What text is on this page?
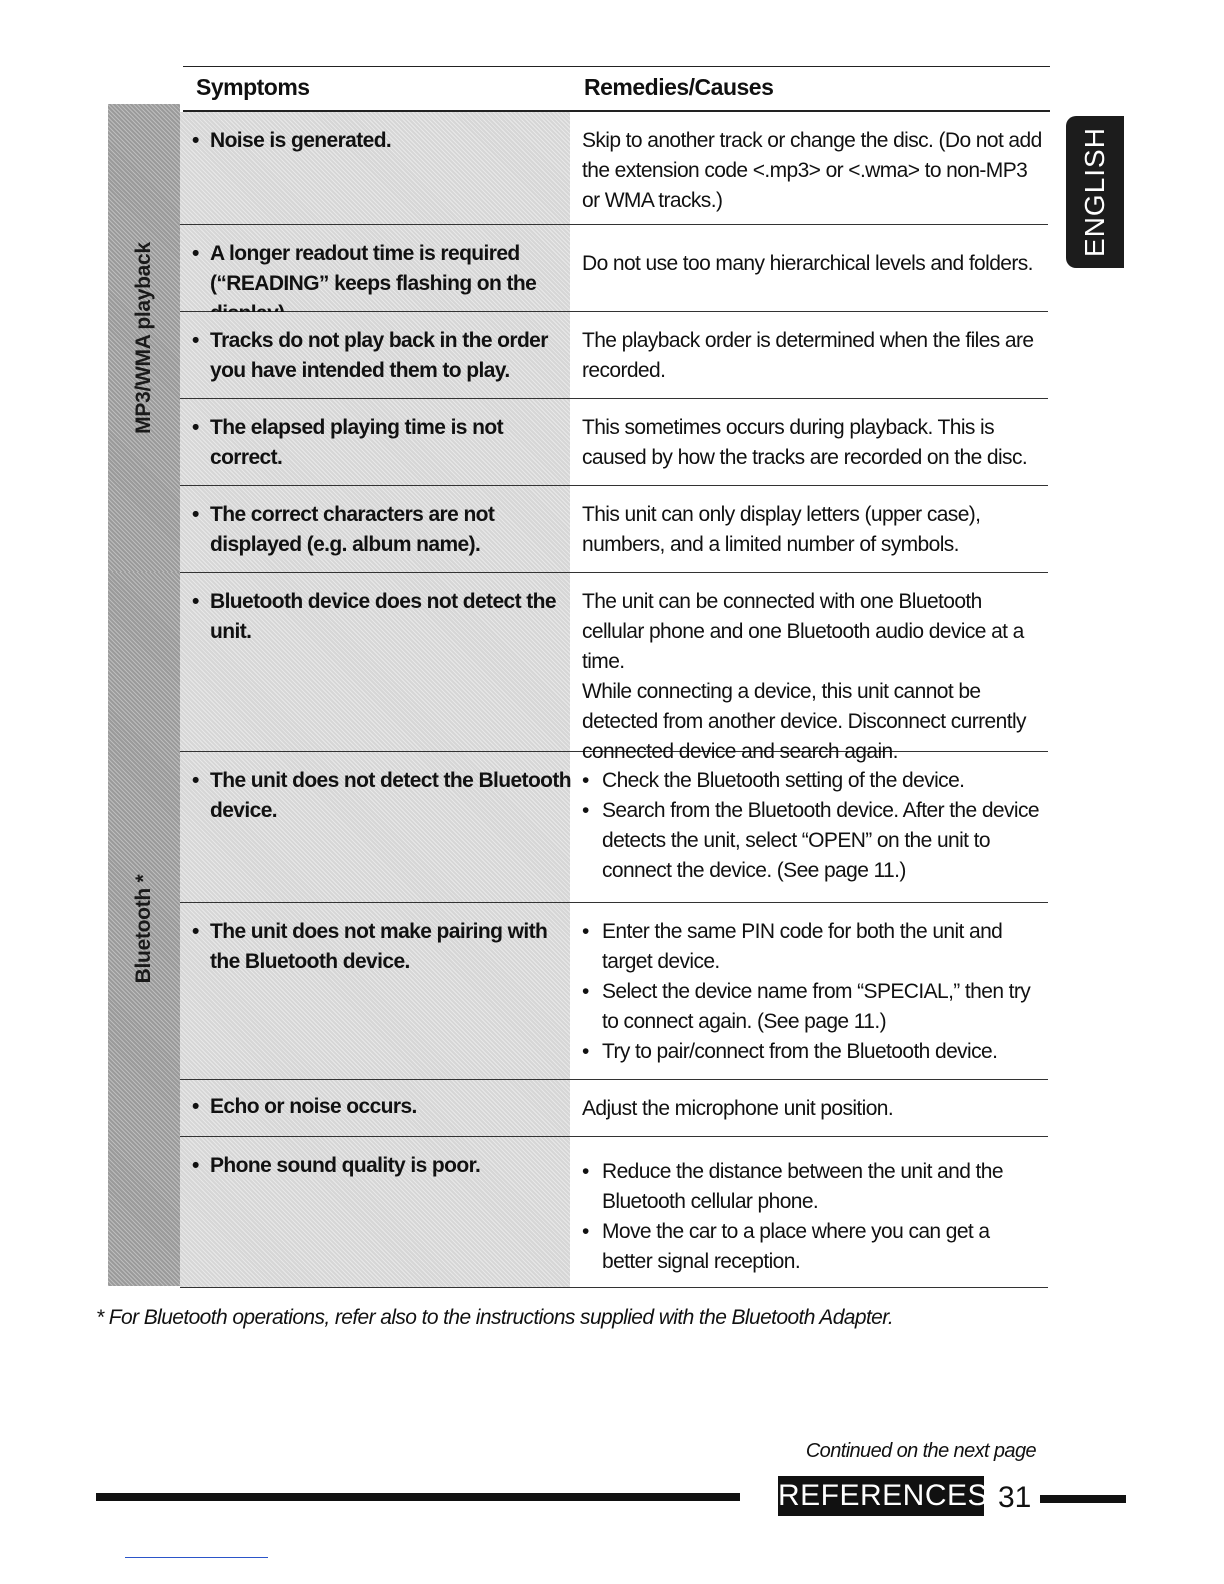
Symptoms	Remedies/Causes
MP3/WMA playback
Bluetooth *
• Noise is generated.	Skip to another track or change the disc. (Do not add the extension code <.mp3> or <.wma> to non-MP3 or WMA tracks.)

• A longer readout time is required (“READING” keeps flashing on the

Do not use too many hierarchical levels and folders.

• Tracks do not play back in the order you have intended them to play.

The playback order is determined when the files are recorded.

• The elapsed playing time is not correct.

This sometimes occurs during playback. This is caused by how the tracks are recorded on the disc.

• The correct characters are not displayed (e.g. album name).

This unit can only display letters (upper case), numbers, and a limited number of symbols.

• Bluetooth device does not detect the unit.

The unit can be connected with one Bluetooth cellular phone and one Bluetooth audio device at a time.

While connecting a device, this unit cannot be detected from another device. Disconnect currently connected device and search again.

• The unit does not detect the Bluetooth device.
• Check the Bluetooth setting of the device.
• Search from the Bluetooth device. After the device detects the unit, select “OPEN” on the unit to connect the device. (See page 11.)
• The unit does not make pairing with the Bluetooth device.
• Enter the same PIN code for both the unit and target device.
• Select the device name from “SPECIAL,” then try to connect again. (See page 11.)
• Try to pair/connect from the Bluetooth device.
• Echo or noise occurs.	Adjust the microphone unit position.

• Phone sound quality is poor.
•	Reduce the distance between the unit and the Bluetooth cellular phone.
• Move the car to a place where you can get a better signal reception.
ENGLISH
* For Bluetooth operations, refer also to the instructions supplied with the Bluetooth Adapter.
Continued on the next page
REFERENCES 31
